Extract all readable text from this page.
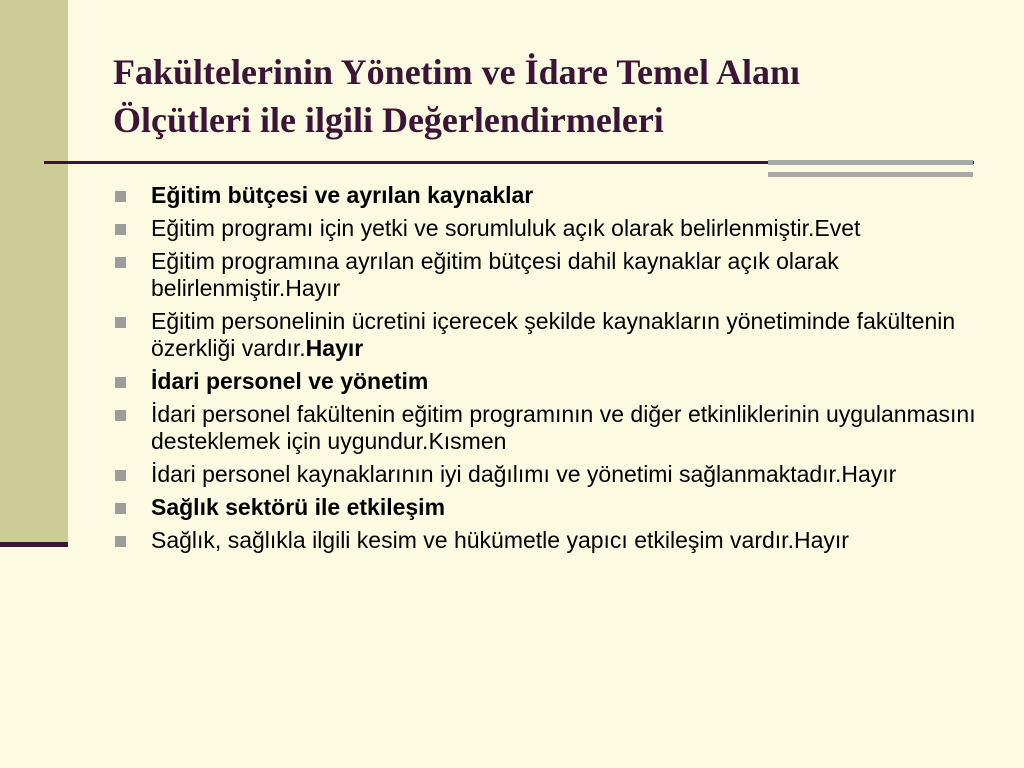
Fakültelerinin Yönetim ve İdare Temel Alanı
Ölçütleri ile ilgili Değerlendirmeleri
Eğitim bütçesi ve ayrılan kaynaklar
Eğitim programı için yetki ve sorumluluk açık olarak belirlenmiştir.Evet
Eğitim programına ayrılan eğitim bütçesi dahil kaynaklar açık olarak belirlenmiştir.Hayır
Eğitim personelinin ücretini içerecek şekilde kaynakların yönetiminde fakültenin özerkliği vardır.Hayır
İdari personel ve yönetim
İdari personel fakültenin eğitim programının ve diğer etkinliklerinin uygulanmasını desteklemek için uygundur.Kısmen
İdari personel kaynaklarının iyi dağılımı ve yönetimi sağlanmaktadır.Hayır
Sağlık sektörü ile etkileşim
Sağlık, sağlıkla ilgili kesim ve hükümetle yapıcı etkileşim vardır.Hayır
